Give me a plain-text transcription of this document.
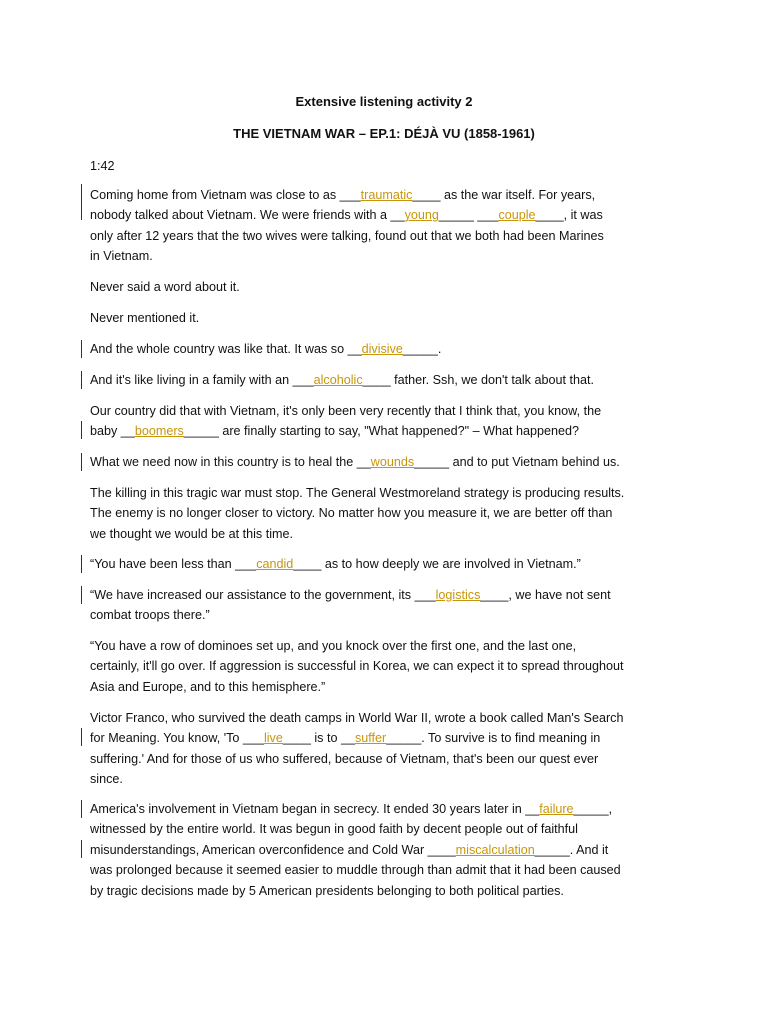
Extensive listening activity 2
THE VIETNAM WAR – EP.1: DÉJÀ VU (1858-1961)
1:42
Coming home from Vietnam was close to as ___traumatic____ as the war itself. For years,
nobody talked about Vietnam. We were friends with a __young_____ ___couple____, it was
only after 12 years that the two wives were talking, found out that we both had been Marines
in Vietnam.
Never said a word about it.
Never mentioned it.
And the whole country was like that. It was so __divisive_____.
And it's like living in a family with an ___alcoholic____ father. Ssh, we don't talk about that.
Our country did that with Vietnam, it's only been very recently that I think that, you know, the
baby __boomers_____ are finally starting to say, "What happened?" – What happened?
What we need now in this country is to heal the __wounds_____ and to put Vietnam behind us.
The killing in this tragic war must stop. The General Westmoreland strategy is producing results.
The enemy is no longer closer to victory. No matter how you measure it, we are better off than
we thought we would be at this time.
“You have been less than ___candid____ as to how deeply we are involved in Vietnam.”
“We have increased our assistance to the government, its ___logistics____, we have not sent
combat troops there.”
“You have a row of dominoes set up, and you knock over the first one, and the last one,
certainly, it'll go over. If aggression is successful in Korea, we can expect it to spread throughout
Asia and Europe, and to this hemisphere.”
Victor Franco, who survived the death camps in World War II, wrote a book called Man's Search
for Meaning. You know, 'To ___live____ is to __suffer_____. To survive is to find meaning in
suffering.' And for those of us who suffered, because of Vietnam, that's been our quest ever
since.
America's involvement in Vietnam began in secrecy. It ended 30 years later in __failure_____,
witnessed by the entire world. It was begun in good faith by decent people out of faithful
misunderstandings, American overconfidence and Cold War ____miscalculation_____. And it
was prolonged because it seemed easier to muddle through than admit that it had been caused
by tragic decisions made by 5 American presidents belonging to both political parties.
